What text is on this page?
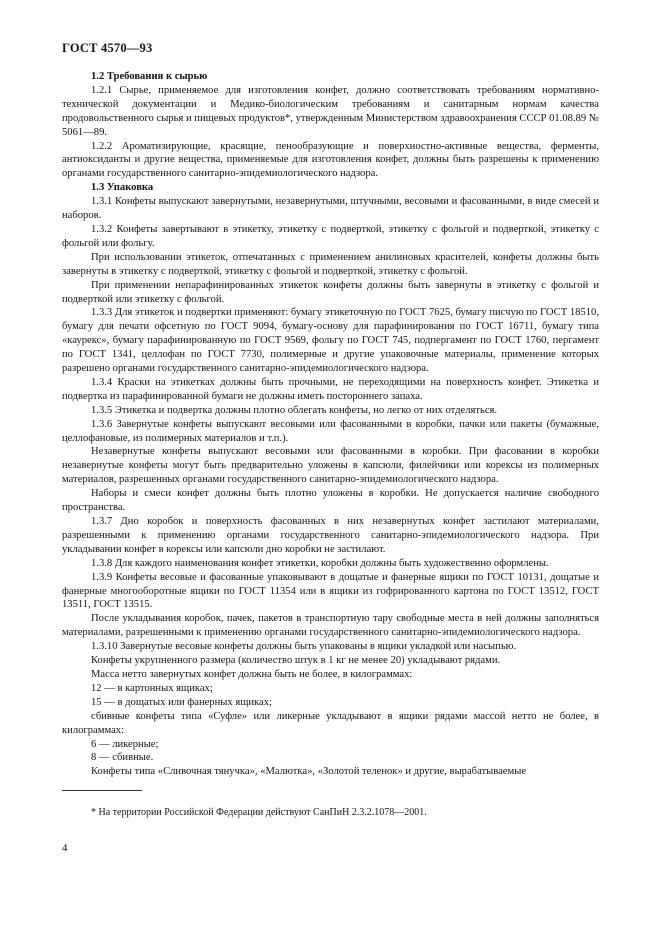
ГОСТ 4570—93

1.2 Требования к сырью

1.2.1 Сырье, применяемое для изготовления конфет, должно соответствовать требованиям нормативно-технической документации и Медико-биологическим требованиям и санитарным нормам качества продовольственного сырья и пищевых продуктов*, утвержденным Министерством здравоохранения СССР 01.08.89 № 5061—89.

1.2.2 Ароматизирующие, красящие, пенообразующие и поверхностно-активные вещества, ферменты, антиоксиданты и другие вещества, применяемые для изготовления конфет, должны быть разрешены к применению органами государственного санитарно-эпидемиологического надзора.

1.3 Упаковка

1.3.1 Конфеты выпускают завернутыми, незавернутыми, штучными, весовыми и фасованными, в виде смесей и наборов.

1.3.2 Конфеты завертывают в этикетку, этикетку с подверткой, этикетку с фольгой и подверткой, этикетку с фольгой или фольгу.

При использовании этикеток, отпечатанных с применением анилиновых красителей, конфеты должны быть завернуты в этикетку с подверткой, этикетку с фольгой и подверткой, этикетку с фольгой.

При применении непарафинированных этикеток конфеты должны быть завернуты в этикетку с фольгой и подверткой или этикетку с фольгой.

1.3.3 Для этикеток и подвертки применяют: бумагу этикеточную по ГОСТ 7625, бумагу писчую по ГОСТ 18510, бумагу для печати офсетную по ГОСТ 9094, бумагу-основу для парафинирования по ГОСТ 16711, бумагу типа «каурекс», бумагу парафинированную по ГОСТ 9569, фольгу по ГОСТ 745, подпергамент по ГОСТ 1760, пергамент по ГОСТ 1341, целлофан по ГОСТ 7730, полимерные и другие упаковочные материалы, применение которых разрешено органами государственного санитарно-эпидемиологического надзора.

1.3.4 Краски на этикетках должны быть прочными, не переходящими на поверхность конфет. Этикетка и подвертка из парафинированной бумаги не должны иметь постороннего запаха.

1.3.5 Этикетка и подвертка должны плотно облегать конфеты, но легко от них отделяться.

1.3.6 Завернутые конфеты выпускают весовыми или фасованными в коробки, пачки или пакеты (бумажные, целлофановые, из полимерных материалов и т.п.).

Незавернутые конфеты выпускают весовыми или фасованными в коробки. При фасовании в коробки незавернутые конфеты могут быть предварительно уложены в капсюли, филейчики или корексы из полимерных материалов, разрешенных органами государственного санитарно-эпидемиологического надзора.

Наборы и смеси конфет должны быть плотно уложены в коробки. Не допускается наличие свободного пространства.

1.3.7 Дно коробок и поверхность фасованных в них незавернутых конфет застилают материалами, разрешенными к применению органами государственного санитарно-эпидемиологического надзора. При укладывании конфет в корексы или капсюли дно коробки не застилают.

1.3.8 Для каждого наименования конфет этикетки, коробки должны быть художественно оформлены.

1.3.9 Конфеты весовые и фасованные упаковывают в дощатые и фанерные ящики по ГОСТ 10131, дощатые и фанерные многооборотные ящики по ГОСТ 11354 или в ящики из гофрированного картона по ГОСТ 13512, ГОСТ 13511, ГОСТ 13515.

После укладывания коробок, пачек, пакетов в транспортную тару свободные места в ней должны заполняться материалами, разрешенными к применению органами государственного санитарно-эпидемиологического надзора.

1.3.10 Завернутые весовые конфеты должны быть упакованы в ящики укладкой или насыпью.

Конфеты укрупненного размера (количество штук в 1 кг не менее 20) укладывают рядами.

Масса нетто завернутых конфет должна быть не более, в килограммах:

12 — в картонных ящиках;

15 — в дощатых или фанерных ящиках;

сбивные конфеты типа «Суфле» или ликерные укладывают в ящики рядами массой нетто не более, в килограммах:

6 — ликерные;

8 — сбивные.

Конфеты типа «Сливочная тянучка», «Малютка», «Золотой теленок» и другие, вырабатываемые

* На территории Российской Федерации действуют СанПиН 2.3.2.1078—2001.
4
